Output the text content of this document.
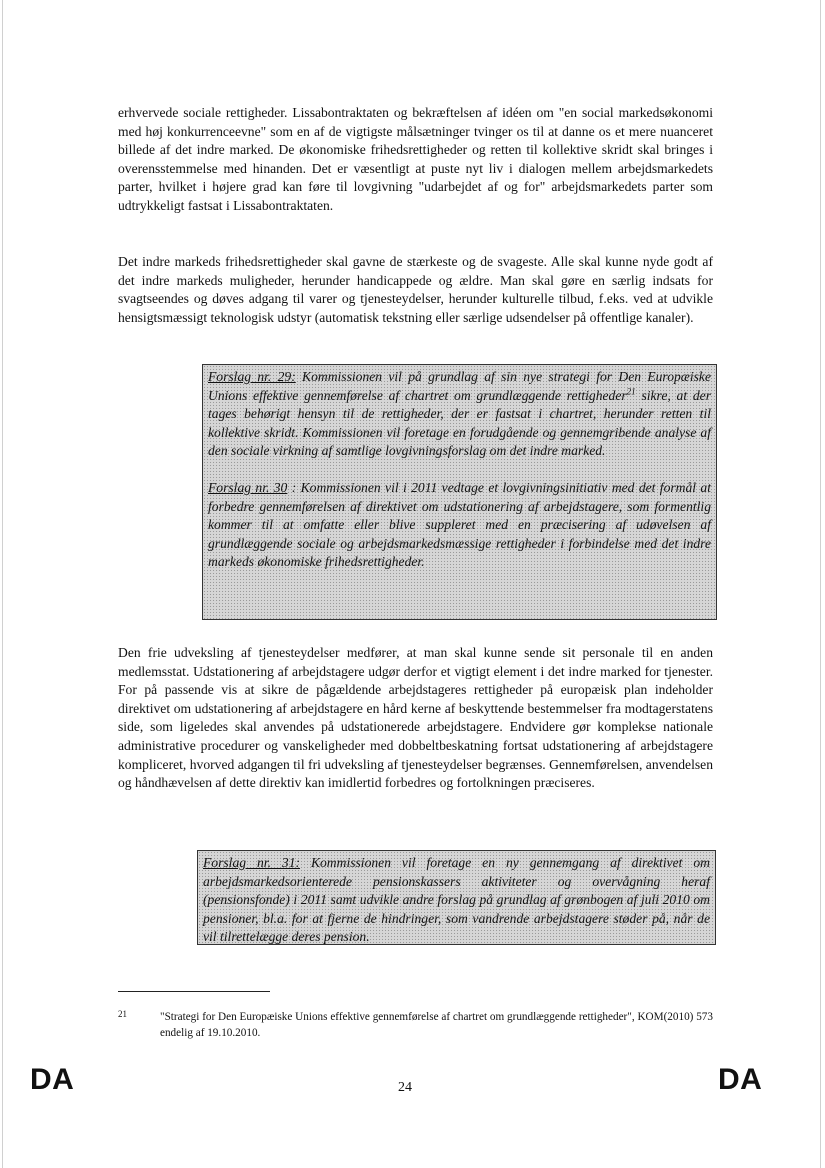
erhvervede sociale rettigheder. Lissabontraktaten og bekræftelsen af idéen om "en social markedsøkonomi med høj konkurrenceevne" som en af de vigtigste målsætninger tvinger os til at danne os et mere nuanceret billede af det indre marked. De økonomiske frihedsrettigheder og retten til kollektive skridt skal bringes i overensstemmelse med hinanden. Det er væsentligt at puste nyt liv i dialogen mellem arbejdsmarkedets parter, hvilket i højere grad kan føre til lovgivning "udarbejdet af og for" arbejdsmarkedets parter som udtrykkeligt fastsat i Lissabontraktaten.

Det indre markeds frihedsrettigheder skal gavne de stærkeste og de svageste. Alle skal kunne nyde godt af det indre markeds muligheder, herunder handicappede og ældre. Man skal gøre en særlig indsats for svagtseendes og døves adgang til varer og tjenesteydelser, herunder kulturelle tilbud, f.eks. ved at udvikle hensigtsmæssigt teknologisk udstyr (automatisk tekstning eller særlige udsendelser på offentlige kanaler).

Forslag nr. 29: Kommissionen vil på grundlag af sin nye strategi for Den Europæiske Unions effektive gennemførelse af chartret om grundlæggende rettigheder$^{21}$ sikre, at der tages behørigt hensyn til de rettigheder, der er fastsat i chartret, herunder retten til kollektive skridt. Kommissionen vil foretage en forudgående og gennemgribende analyse af den sociale virkning af samtlige lovgivningsforslag om det indre marked.

Forslag nr. 30 : Kommissionen vil i 2011 vedtage et lovgivningsinitiativ med det formål at forbedre gennemførelsen af direktivet om udstationering af arbejdstagere, som formentlig kommer til at omfatte eller blive suppleret med en præcisering af udøvelsen af grundlæggende sociale og arbejdsmarkedsmæssige rettigheder i forbindelse med det indre markeds økonomiske frihedsrettigheder.

Den frie udveksling af tjenesteydelser medfører, at man skal kunne sende sit personale til en anden medlemsstat. Udstationering af arbejdstagere udgør derfor et vigtigt element i det indre marked for tjenester. For på passende vis at sikre de pågældende arbejdstageres rettigheder på europæisk plan indeholder direktivet om udstationering af arbejdstagere en hård kerne af beskyttende bestemmelser fra modtagerstatens side, som ligeledes skal anvendes på udstationerede arbejdstagere. Endvidere gør komplekse nationale administrative procedurer og vanskeligheder med dobbeltbeskatning fortsat udstationering af arbejdstagere kompliceret, hvorved adgangen til fri udveksling af tjenesteydelser begrænses. Gennemførelsen, anvendelsen og håndhævelsen af dette direktiv kan imidlertid forbedres og fortolkningen præciseres.

Forslag nr. 31: Kommissionen vil foretage en ny gennemgang af direktivet om arbejdsmarkedsorienterede pensionskassers aktiviteter og overvågning heraf (pensionsfonde) i 2011 samt udvikle andre forslag på grundlag af grønbogen af juli 2010 om pensioner, bl.a. for at fjerne de hindringer, som vandrende arbejdstagere støder på, når de vil tilrettelægge deres pension.

21	"Strategi for Den Europæiske Unions effektive gennemførelse af chartret om grundlæggende rettigheder", KOM(2010) 573 endelig af 19.10.2010.

DA	24	DA
